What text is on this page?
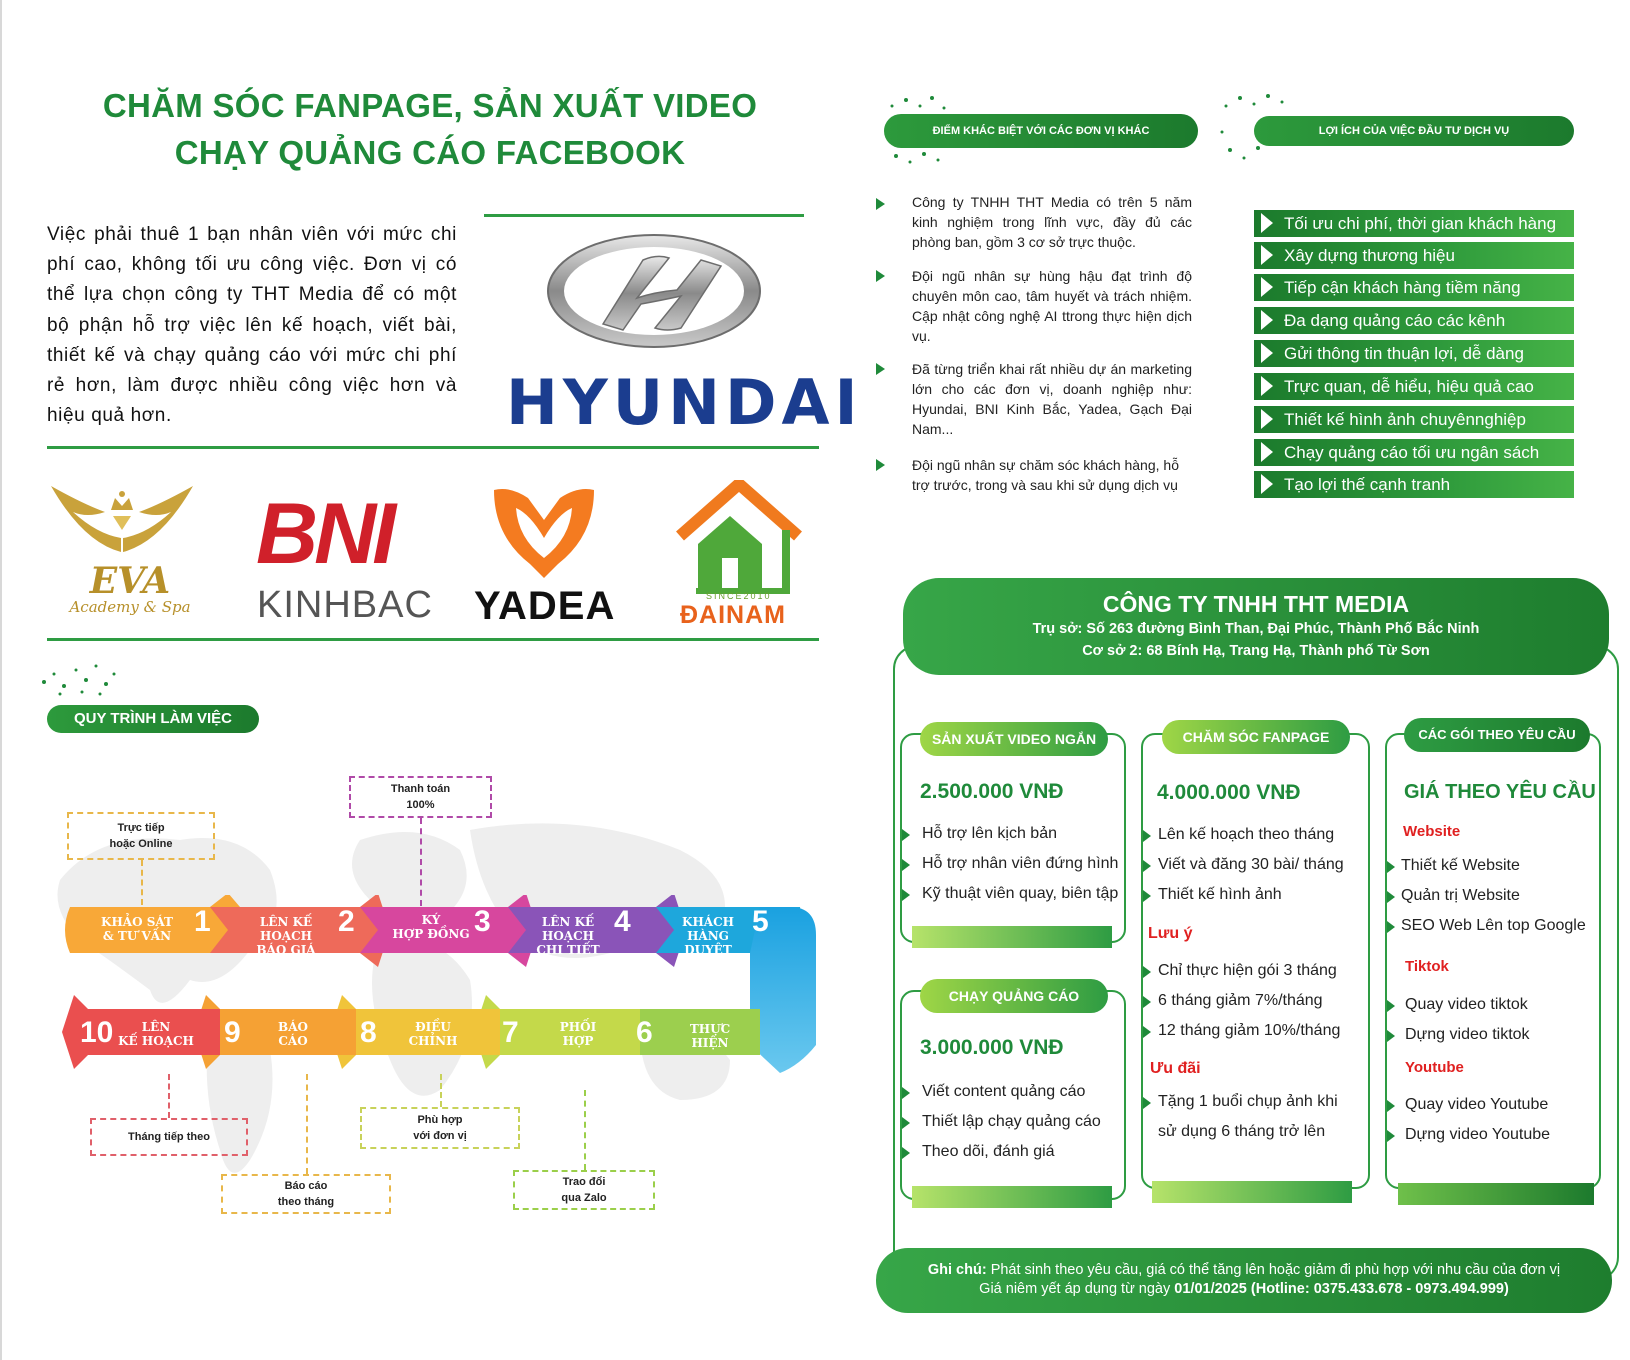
CHĂM SÓC FANPAGE, SẢN XUẤT VIDEO
CHẠY QUẢNG CÁO FACEBOOK

Việc phải thuê 1 bạn nhân viên với mức chi phí cao, không tối ưu công việc. Đơn vị có thể lựa chọn công ty THT Media để có một bộ phận hỗ trợ việc lên kế hoạch, viết bài, thiết kế và chạy quảng cáo với mức chi phí rẻ hơn, làm được nhiều công việc hơn và hiệu quả hơn.	HYUNDAI
EVA
Academy & Spa
BNI
KINHBAC YADEA	SINCE2010
ĐAINAM
QUY TRÌNH LÀM VIỆC
Trực tiếp
hoặc Online
Thanh toán
100%
Tháng tiếp theo
Báo cáo
theo tháng
Phù hợp
với đơn vị
Trao đổi
qua Zalo
KHẢO SÁT
& TƯ VẤN 1	LÊN KẾ HOẠCH
BÁO GIÁ
2	KÝ
HỢP ĐỒNG 3	LÊN KẾ HOẠCH
CHI TIẾT
4	KHÁCH HÀNG
DUYỆT
5
6	THỰC
HIỆN
7	PHỐI
HỢP
8	ĐIỀU
CHỈNH
9	BÁO
CÁO
10	LÊN
KẾ HOẠCH
ĐIỂM KHÁC BIỆT VỚI CÁC ĐƠN VỊ KHÁC
Công ty TNHH THT Media có trên 5 năm kinh nghiệm trong lĩnh vực, đầy đủ các phòng ban, gồm 3 cơ sở trực thuộc.
Đội ngũ nhân sự hùng hậu đạt trình độ chuyên môn cao, tâm huyết và trách nhiệm. Cập nhật công nghệ AI ttrong thực hiện dịch vụ.
Đã từng triển khai rất nhiều dự án marketing lớn cho các đơn vị, doanh nghiệp như: Hyundai, BNI Kinh Bắc, Yadea, Gạch Đại Nam...
Đội ngũ nhân sự chăm sóc khách hàng, hỗ trợ trước, trong và sau khi sử dụng dịch vụ
LỢI ÍCH CỦA VIỆC ĐẦU TƯ DỊCH VỤ
Tối ưu chi phí, thời gian khách hàng
Xây dựng thương hiệu
Tiếp cận khách hàng tiềm năng
Đa dạng quảng cáo các kênh
Gửi thông tin thuận lợi, dễ dàng
Trực quan, dễ hiểu, hiệu quả cao
Thiết kế hình ảnh chuyênnghiệp
Chạy quảng cáo tối ưu ngân sách
Tạo lợi thế cạnh tranh
CÔNG TY TNHH THT MEDIA
Trụ sở: Số 263 đường Bình Than, Đại Phúc, Thành Phố Bắc Ninh
Cơ sở 2: 68 Bính Hạ, Trang Hạ, Thành phố Từ Sơn
SẢN XUẤT VIDEO NGẮN
2.500.000 VNĐ
Hỗ trợ lên kịch bản
Hỗ trợ nhân viên đứng hình
Kỹ thuật viên quay, biên tập
CHẠY QUẢNG CÁO
3.000.000 VNĐ
Viết content quảng cáo
Thiết lập chạy quảng cáo
Theo dõi, đánh giá
CHĂM SÓC FANPAGE
4.000.000 VNĐ
Lên kế hoạch theo tháng
Viết và đăng 30 bài/ tháng
Thiết kế hình ảnh
Lưu ý
Chỉ thực hiện gói 3 tháng
6 tháng giảm 7%/tháng
12 tháng giảm 10%/tháng
Ưu đãi
Tặng 1 buổi chụp ảnh khi
sử dụng 6 tháng trở lên
CÁC GÓI THEO YÊU CẦU
GIÁ THEO YÊU CẦU
Website
Thiết kế Website
Quản trị Website
SEO Web Lên top Google
Tiktok
Quay video tiktok
Dựng video tiktok
Youtube
Quay video Youtube
Dựng video Youtube
Ghi chú: Phát sinh theo yêu cầu, giá có thể tăng lên hoặc giảm đi phù hợp với nhu cầu của đơn vị
Giá niêm yết áp dụng từ ngày 01/01/2025 (Hotline: 0375.433.678 - 0973.494.999)
